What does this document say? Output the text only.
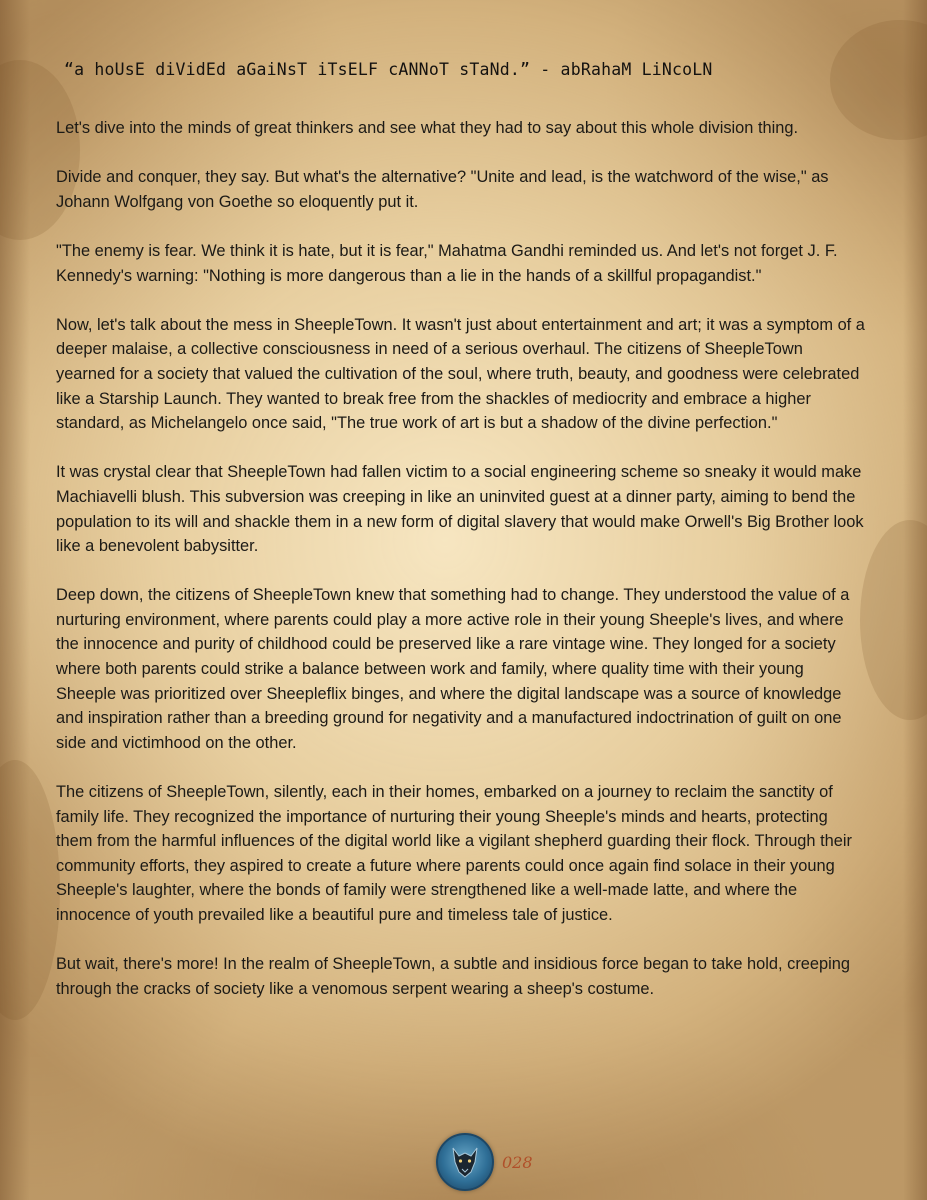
“a hoUsE diVidEd aGaiNsT iTsELF cANNoT sTaNd.” - abRahaM LiNcoLN

Let's dive into the minds of great thinkers and see what they had to say about this whole division thing.

Divide and conquer, they say. But what's the alternative? "Unite and lead, is the watchword of the wise," as Johann Wolfgang von Goethe so eloquently put it.

"The enemy is fear. We think it is hate, but it is fear," Mahatma Gandhi reminded us. And let's not forget J. F. Kennedy's warning: "Nothing is more dangerous than a lie in the hands of a skillful propagandist."

Now, let's talk about the mess in SheepleTown. It wasn't just about entertainment and art; it was a symptom of a deeper malaise, a collective consciousness in need of a serious overhaul. The citizens of SheepleTown yearned for a society that valued the cultivation of the soul, where truth, beauty, and goodness were celebrated like a Starship Launch. They wanted to break free from the shackles of mediocrity and embrace a higher standard, as Michelangelo once said, "The true work of art is but a shadow of the divine perfection."

It was crystal clear that SheepleTown had fallen victim to a social engineering scheme so sneaky it would make Machiavelli blush. This subversion was creeping in like an uninvited guest at a dinner party, aiming to bend the population to its will and shackle them in a new form of digital slavery that would make Orwell's Big Brother look like a benevolent babysitter.

Deep down, the citizens of SheepleTown knew that something had to change. They understood the value of a nurturing environment, where parents could play a more active role in their young Sheeple's lives, and where the innocence and purity of childhood could be preserved like a rare vintage wine. They longed for a society where both parents could strike a balance between work and family, where quality time with their young Sheeple was prioritized over Sheepleflix binges, and where the digital landscape was a source of knowledge and inspiration rather than a breeding ground for negativity and a manufactured indoctrination of guilt on one side and victimhood on the other.

The citizens of SheepleTown, silently, each in their homes, embarked on a journey to reclaim the sanctity of family life. They recognized the importance of nurturing their young Sheeple's minds and hearts, protecting them from the harmful influences of the digital world like a vigilant shepherd guarding their flock. Through their community efforts, they aspired to create a future where parents could once again find solace in their young Sheeple's laughter, where the bonds of family were strengthened like a well-made latte, and where the innocence of youth prevailed like a beautiful pure and timeless tale of justice.

But wait, there's more! In the realm of SheepleTown, a subtle and insidious force began to take hold, creeping through the cracks of society like a venomous serpent wearing a sheep's costume.

028
